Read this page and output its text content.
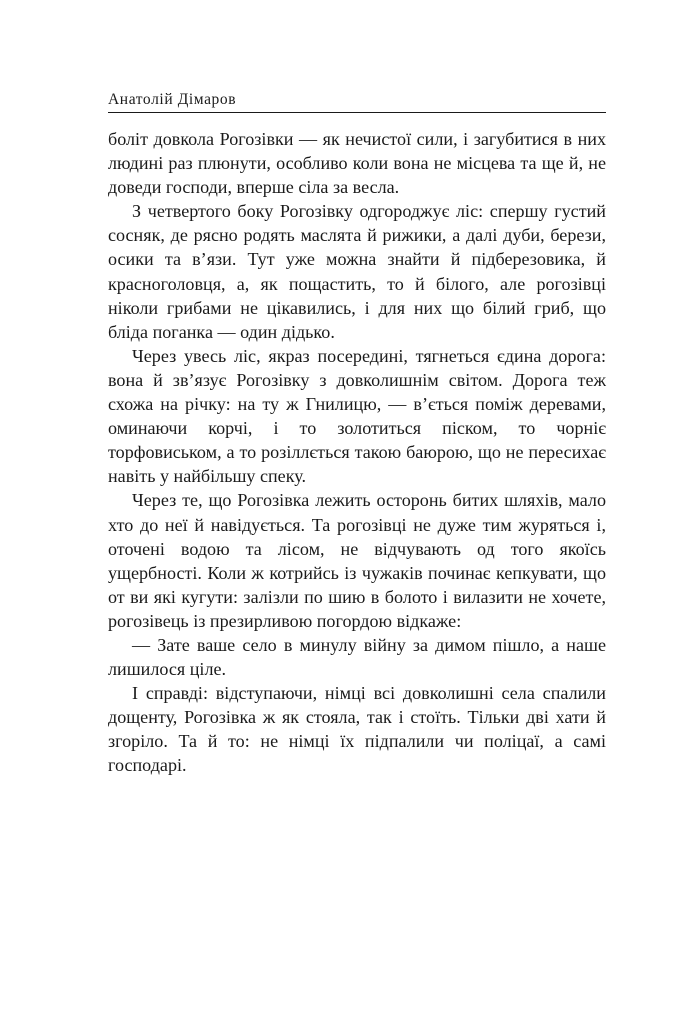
Анатолій Дімаров

болiт довкола Рогозiвки — як нечистої сили, i загубитися в них людинi раз плюнути, особливо коли вона не мiсцева та ще й, не доведи господи, вперше сiла за весла.

З четвертого боку Рогозiвку одгороджує лiс: спершу густий сосняк, де рясно родять маслята й рижики, а далi дуби, берези, осики та в’язи. Тут уже можна знайти й пiдберезовика, й красноголовця, а, як пощастить, то й бiлого, але рогозiвцi нiколи грибами не цiкавились, i для них що бiлий гриб, що блiда поганка — один дiдько.

Через увесь лiс, якраз посерединi, тягнеться єдина дорога: вона й зв’язує Рогозiвку з довколишнiм свiтом. Дорога теж схожа на рiчку: на ту ж Гнилицю, — в’ється помiж деревами, оминаючи корчi, i то золотиться пiском, то чорнiє торфовиськом, а то розiллється такою баюрою, що не пересихає навiть у найбiльшу спеку.

Через те, що Рогозiвка лежить осторонь битих шляхiв, мало хто до неї й навiдується. Та рогозiвцi не дуже тим журяться i, оточенi водою та лiсом, не вiдчувають од того якоїсь ущербностi. Коли ж котрийсь iз чужакiв починає кепкувати, що от ви якi кугути: залiзли по шию в болото i вилазити не хочете, рогозiвець iз презирливою погордою вiдкаже:

— Зате ваше село в минулу вiйну за димом пiшло, а наше лишилося цiле.

I справдi: вiдступаючи, нiмцi всi довколишнi села спалили дощенту, Рогозiвка ж як стояла, так i стоїть. Тiльки двi хати й згорiло. Та й то: не нiмцi їх пiдпалили чи полiцаї, а самi господарi.
